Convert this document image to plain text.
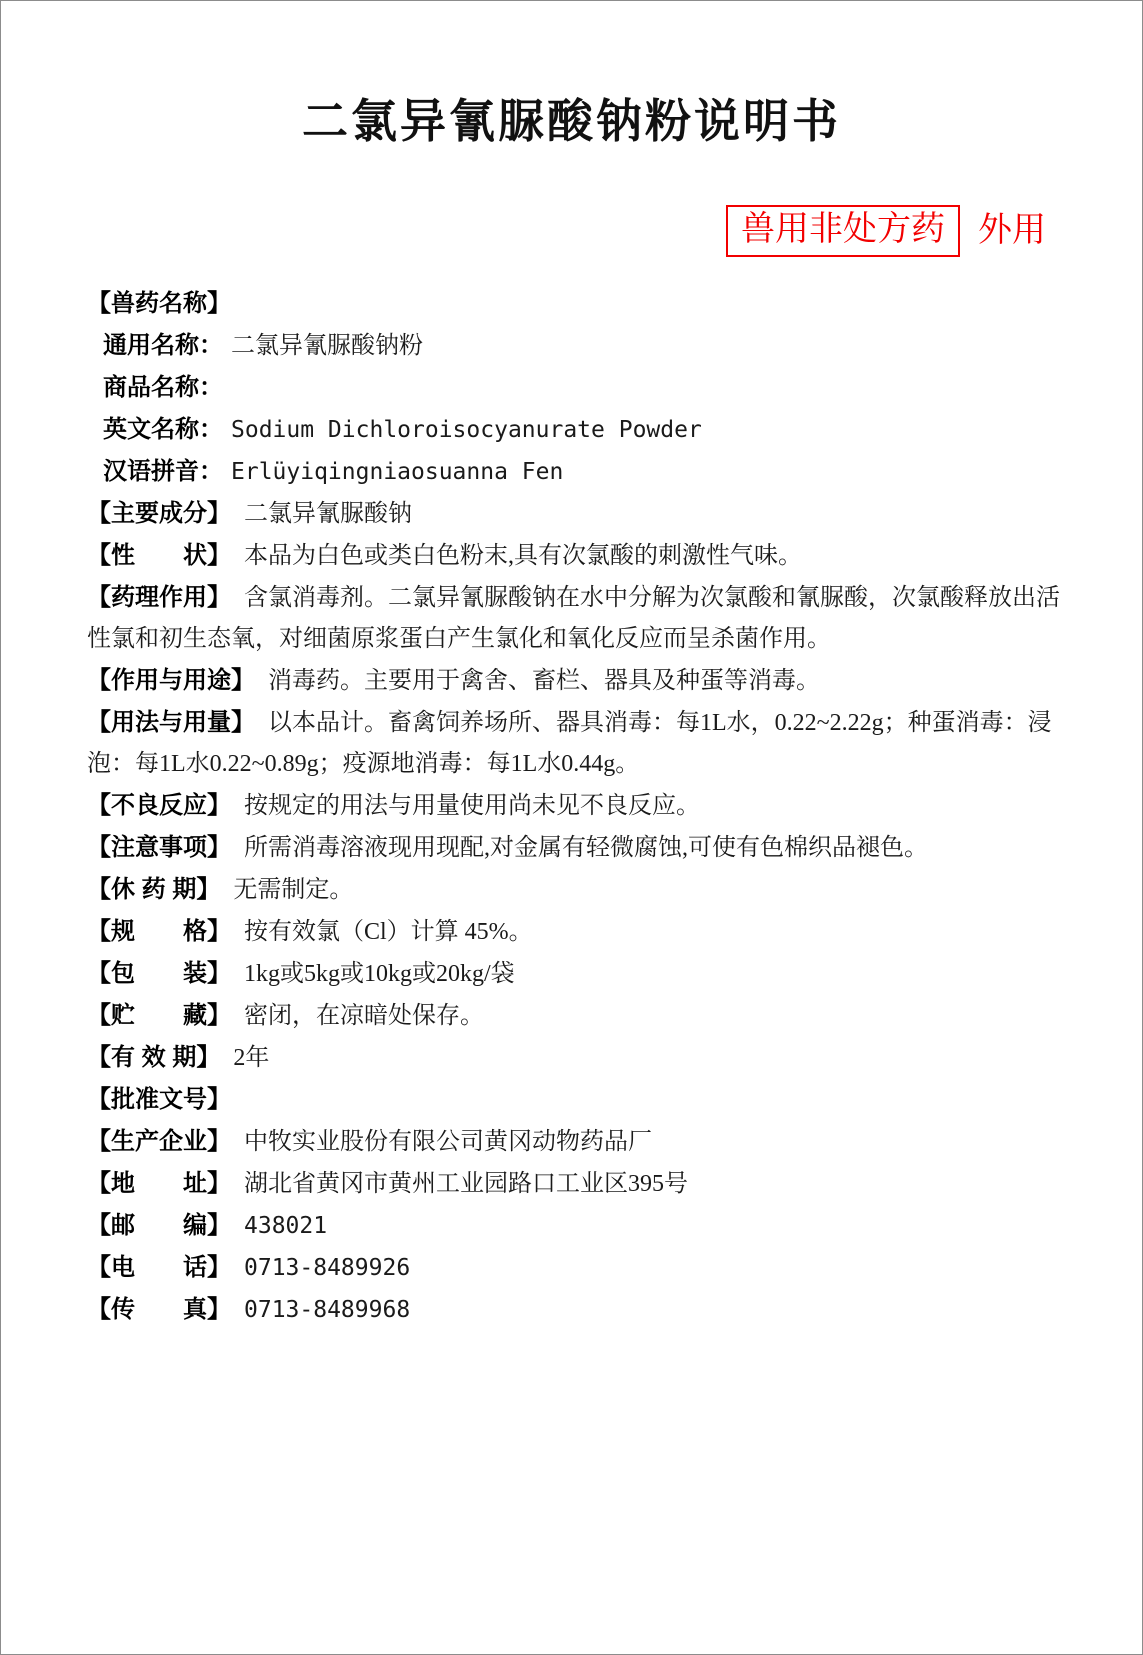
二氯异氰脲酸钠粉说明书
兽用非处方药 外用

【兽药名称】

通用名称： 二氯异氰脲酸钠粉

商品名称：

英文名称： Sodium Dichloroisocyanurate Powder

汉语拼音： Erlüyiqingniaosuanna Fen

【主要成分】 二氯异氰脲酸钠

【性　　状】 本品为白色或类白色粉末,具有次氯酸的刺激性气味。

【药理作用】 含氯消毒剂。二氯异氰脲酸钠在水中分解为次氯酸和氰脲酸，次氯酸释放出活性氯和初生态氧，对细菌原浆蛋白产生氯化和氧化反应而呈杀菌作用。

【作用与用途】 消毒药。主要用于禽舍、畜栏、器具及种蛋等消毒。

【用法与用量】 以本品计。畜禽饲养场所、器具消毒：每1L水，0.22~2.22g；种蛋消毒：浸泡：每1L水0.22~0.89g；疫源地消毒：每1L水0.44g。

【不良反应】 按规定的用法与用量使用尚未见不良反应。

【注意事项】 所需消毒溶液现用现配,对金属有轻微腐蚀,可使有色棉织品褪色。

【休 药 期】 无需制定。

【规　　格】 按有效氯（Cl）计算 45%。

【包　　装】 1kg或5kg或10kg或20kg/袋

【贮　　藏】 密闭，在凉暗处保存。

【有 效 期】 2年

【批准文号】

【生产企业】 中牧实业股份有限公司黄冈动物药品厂

【地　　址】 湖北省黄冈市黄州工业园路口工业区395号

【邮　　编】 438021

【电　　话】 0713-8489926

【传　　真】 0713-8489968
